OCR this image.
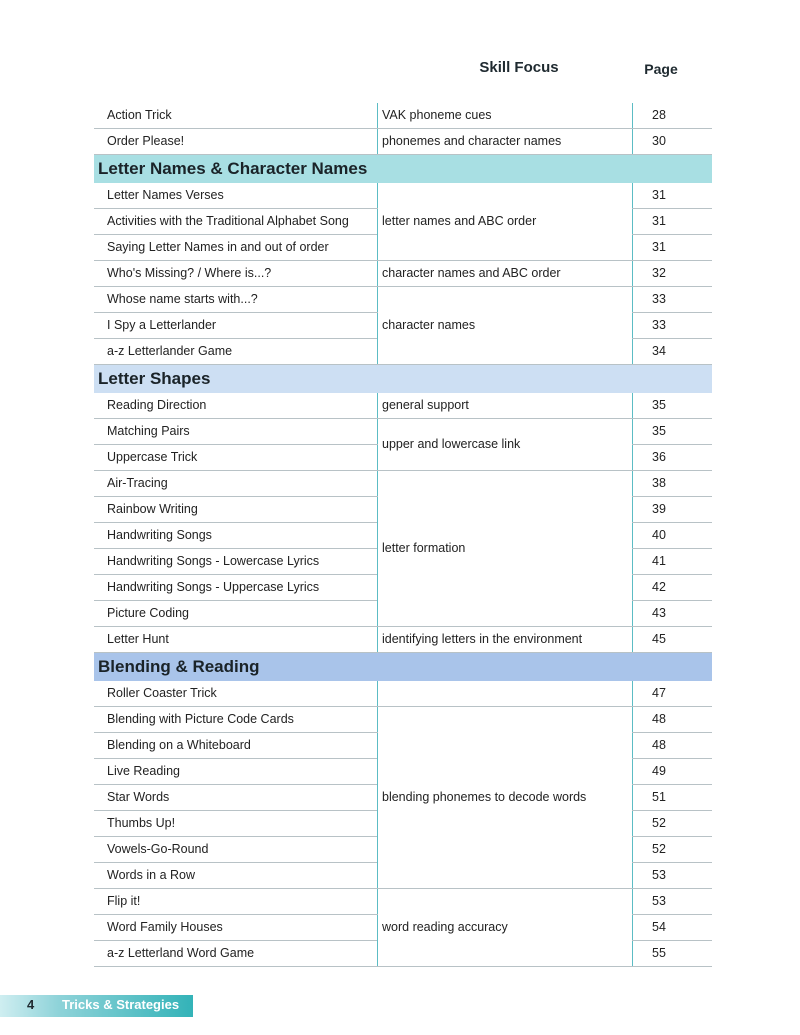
Skill Focus	Page
Action Trick	VAK phoneme cues	28
Order Please!	phonemes and character names	30
Letter Names & Character Names		
Letter Names Verses	letter names and ABC order	31
Activities with the Traditional Alphabet Song		31
Saying Letter Names in and out of order		31
Who's Missing? / Where is...?	character names and ABC order	32
Whose name starts with...?	character names	33
I Spy a Letterlander		33
a-z Letterlander Game		34
Letter Shapes		
Reading Direction	general support	35
Matching Pairs	upper and lowercase link	35
Uppercase Trick		36
Air-Tracing	letter formation	38
Rainbow Writing		39
Handwriting Songs		40
Handwriting Songs - Lowercase Lyrics		41
Handwriting Songs - Uppercase Lyrics		42
Picture Coding		43
Letter Hunt	identifying letters in the environment	45
Blending & Reading		
Roller Coaster Trick		47
Blending with Picture Code Cards	blending phonemes to decode words	48
Blending on a Whiteboard		48
Live Reading		49
Star Words		51
Thumbs Up!		52
Vowels-Go-Round		52
Words in a Row		53
Flip it!	word reading accuracy	53
Word Family Houses		54
a-z Letterland Word Game		55
4 Tricks & Strategies
